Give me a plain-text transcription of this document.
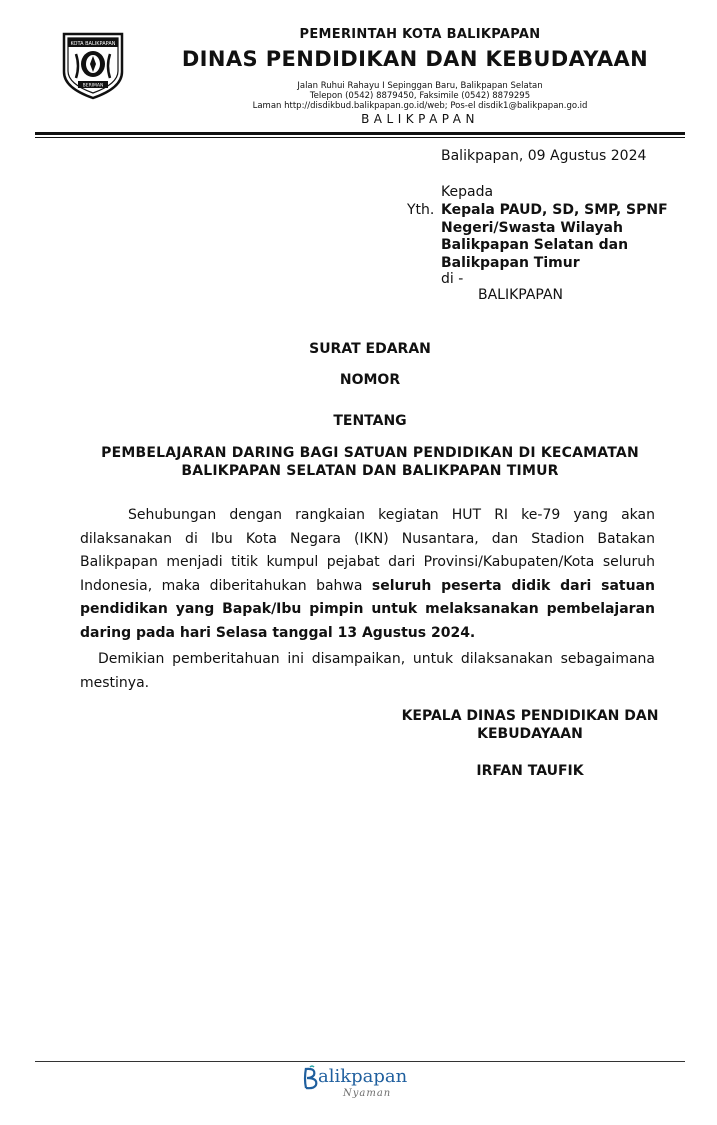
KOTA BALIKPAPAN
BERIMAN
PEMERINTAH KOTA BALIKPAPAN
DINAS PENDIDIKAN DAN KEBUDAYAAN
Jalan Ruhui Rahayu I Sepinggan Baru, Balikpapan Selatan
Telepon (0542) 8879450, Faksimile (0542) 8879295
Laman http://disdikbud.balikpapan.go.id/web; Pos-el disdik1@balikpapan.go.id
BALIKPAPAN
Balikpapan, 09 Agustus 2024
Kepada
Yth. Kepala PAUD, SD, SMP, SPNF
Negeri/Swasta Wilayah
Balikpapan Selatan dan
Balikpapan Timur
di -
BALIKPAPAN
SURAT EDARAN
NOMOR
TENTANG
PEMBELAJARAN DARING BAGI SATUAN PENDIDIKAN DI KECAMATAN
BALIKPAPAN SELATAN DAN BALIKPAPAN TIMUR
Sehubungan dengan rangkaian kegiatan HUT RI ke-79 yang akan dilaksanakan di Ibu Kota Negara (IKN) Nusantara, dan Stadion Batakan Balikpapan menjadi titik kumpul pejabat dari Provinsi/Kabupaten/Kota seluruh Indonesia, maka diberitahukan bahwa seluruh peserta didik dari satuan pendidikan yang Bapak/Ibu pimpin untuk melaksanakan pembelajaran daring pada hari Selasa tanggal 13 Agustus 2024.
Demikian pemberitahuan ini disampaikan, untuk dilaksanakan sebagaimana mestinya.
KEPALA DINAS PENDIDIKAN DAN
KEBUDAYAAN
IRFAN TAUFIK
alikpapan
Nyaman
